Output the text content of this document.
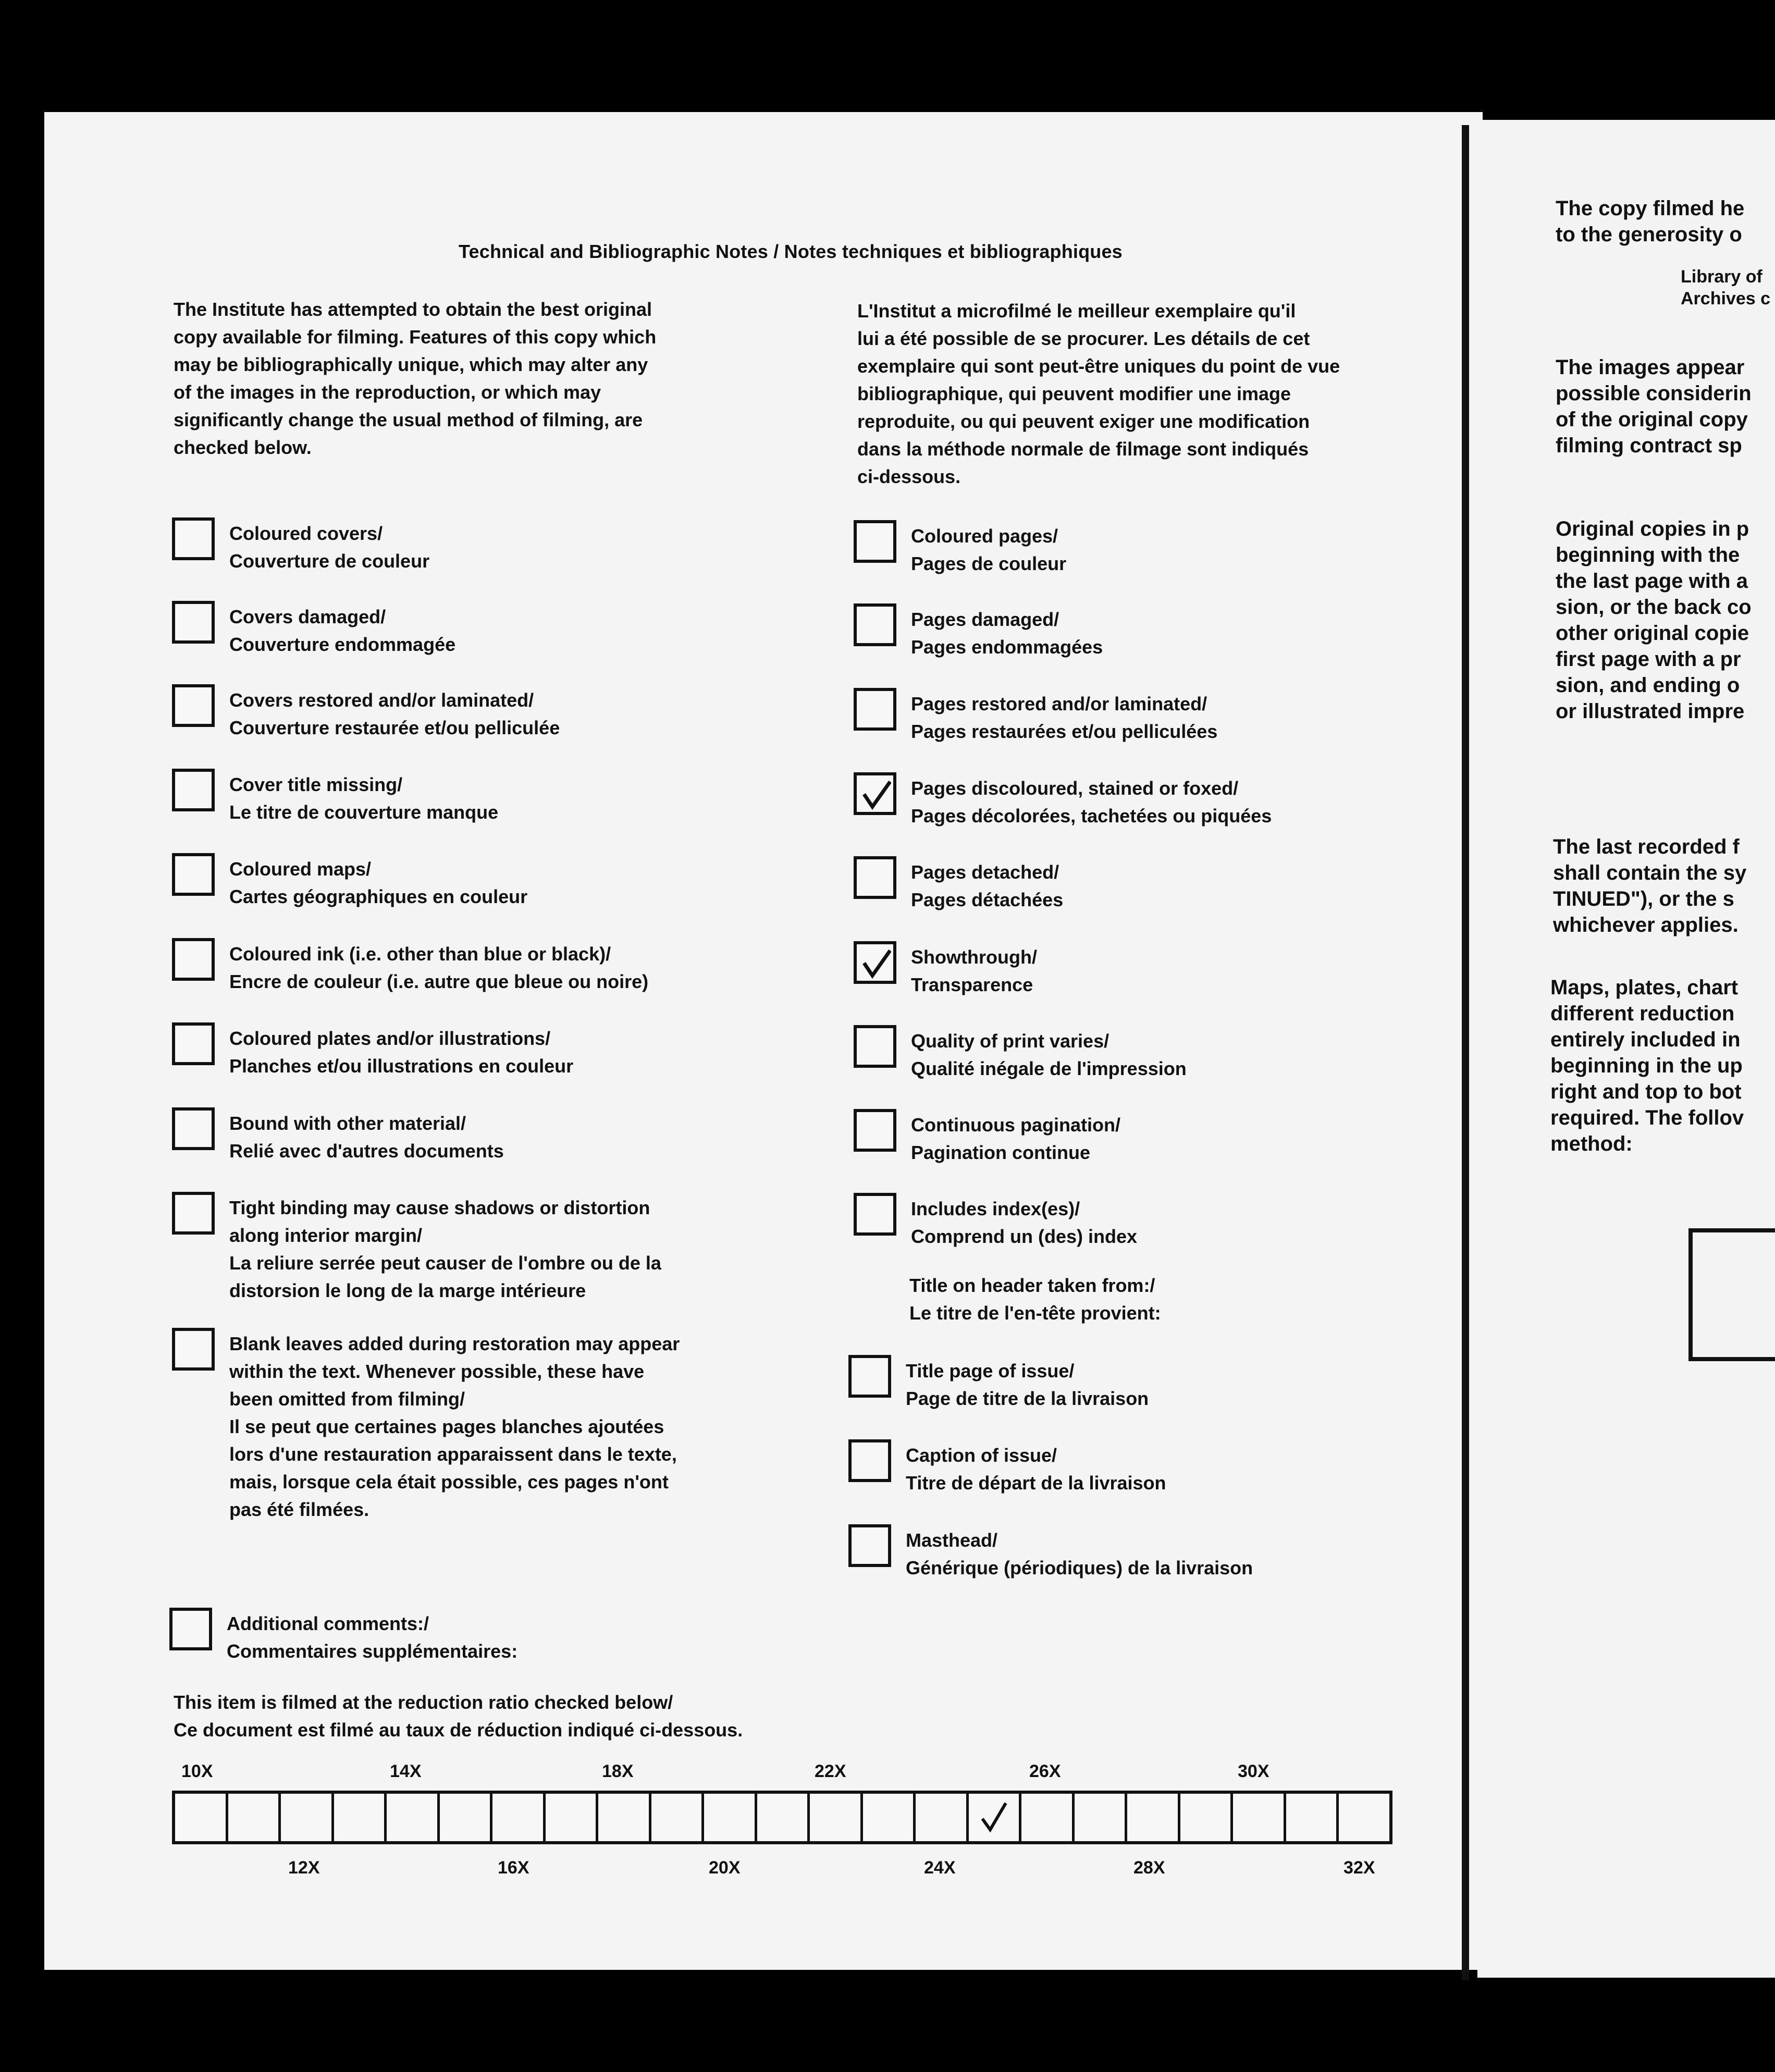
Technical and Bibliographic Notes / Notes techniques et bibliographiques
The Institute has attempted to obtain the best original
copy available for filming. Features of this copy which
may be bibliographically unique, which may alter any
of the images in the reproduction, or which may
significantly change the usual method of filming, are
checked below.
L'Institut a microfilmé le meilleur exemplaire qu'il
lui a été possible de se procurer. Les détails de cet
exemplaire qui sont peut-être uniques du point de vue
bibliographique, qui peuvent modifier une image
reproduite, ou qui peuvent exiger une modification
dans la méthode normale de filmage sont indiqués
ci-dessous.
Coloured covers/
Couverture de couleur
Covers damaged/
Couverture endommagée
Covers restored and/or laminated/
Couverture restaurée et/ou pelliculée
Cover title missing/
Le titre de couverture manque
Coloured maps/
Cartes géographiques en couleur
Coloured ink (i.e. other than blue or black)/
Encre de couleur (i.e. autre que bleue ou noire)
Coloured plates and/or illustrations/
Planches et/ou illustrations en couleur
Bound with other material/
Relié avec d'autres documents
Tight binding may cause shadows or distortion
along interior margin/
La reliure serrée peut causer de l'ombre ou de la
distorsion le long de la marge intérieure
Blank leaves added during restoration may appear
within the text. Whenever possible, these have
been omitted from filming/
Il se peut que certaines pages blanches ajoutées
lors d'une restauration apparaissent dans le texte,
mais, lorsque cela était possible, ces pages n'ont
pas été filmées.
Coloured pages/
Pages de couleur
Pages damaged/
Pages endommagées
Pages restored and/or laminated/
Pages restaurées et/ou pelliculées
Pages discoloured, stained or foxed/
Pages décolorées, tachetées ou piquées
Pages detached/
Pages détachées
Showthrough/
Transparence
Quality of print varies/
Qualité inégale de l'impression
Continuous pagination/
Pagination continue
Includes index(es)/
Comprend un (des) index
Title page of issue/
Page de titre de la livraison
Caption of issue/
Titre de départ de la livraison
Masthead/
Générique (périodiques) de la livraison
Title on header taken from:/
Le titre de l'en-tête provient:
Additional comments:/
Commentaires supplémentaires:
This item is filmed at the reduction ratio checked below/
Ce document est filmé au taux de réduction indiqué ci-dessous.
10X	14X	18X	22X	26X	30X
12X	16X	20X	24X	28X	32X
The copy filmed he
to the generosity o
Library of
Archives c
The images appear
possible considerin
of the original copy
filming contract sp
Original copies in p
beginning with the
the last page with a
sion, or the back co
other original copie
first page with a pr
sion, and ending o
or illustrated impre
The last recorded f
shall contain the sy
TINUED"), or the s
whichever applies.
Maps, plates, chart
different reduction
entirely included in
beginning in the up
right and top to bot
required. The follov
method:
